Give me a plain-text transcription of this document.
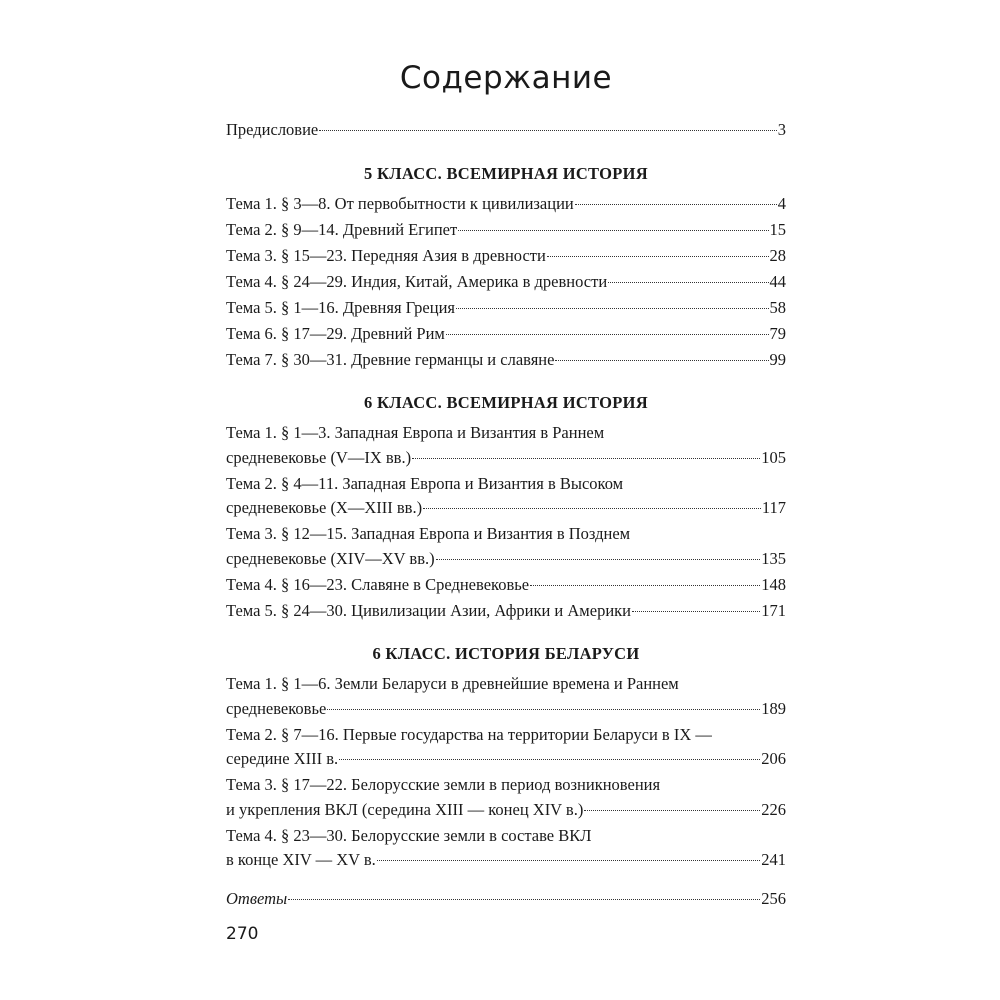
Содержание
Предисловие	3
5 КЛАСС. ВСЕМИРНАЯ ИСТОРИЯ
Тема 1. § 3—8. От первобытности к цивилизации	4
Тема 2. § 9—14. Древний Египет	15
Тема 3. § 15—23. Передняя Азия в древности	28
Тема 4. § 24—29. Индия, Китай, Америка в древности	44
Тема 5. § 1—16. Древняя Греция	58
Тема 6. § 17—29. Древний Рим	79
Тема 7. § 30—31. Древние германцы и славяне	99
6 КЛАСС. ВСЕМИРНАЯ ИСТОРИЯ
Тема 1. § 1—3. Западная Европа и Византия в Раннем
средневековье (V—IX вв.)	105
Тема 2. § 4—11. Западная Европа и Византия в Высоком
средневековье (X—XIII вв.)	117
Тема 3. § 12—15. Западная Европа и Византия в Позднем
средневековье (XIV—XV вв.)	135
Тема 4. § 16—23. Славяне в Средневековье	148
Тема 5. § 24—30. Цивилизации Азии, Африки и Америки	171
6 КЛАСС. ИСТОРИЯ БЕЛАРУСИ
Тема 1. § 1—6. Земли Беларуси в древнейшие времена и Раннем
средневековье	189
Тема 2. § 7—16. Первые государства на территории Беларуси в IX —
середине XIII в.	206
Тема 3. § 17—22. Белорусские земли в период возникновения
и укрепления ВКЛ (середина XIII — конец XIV в.)	226
Тема 4. § 23—30. Белорусские земли в составе ВКЛ
в конце XIV — XV в.	241
Ответы	256
270
